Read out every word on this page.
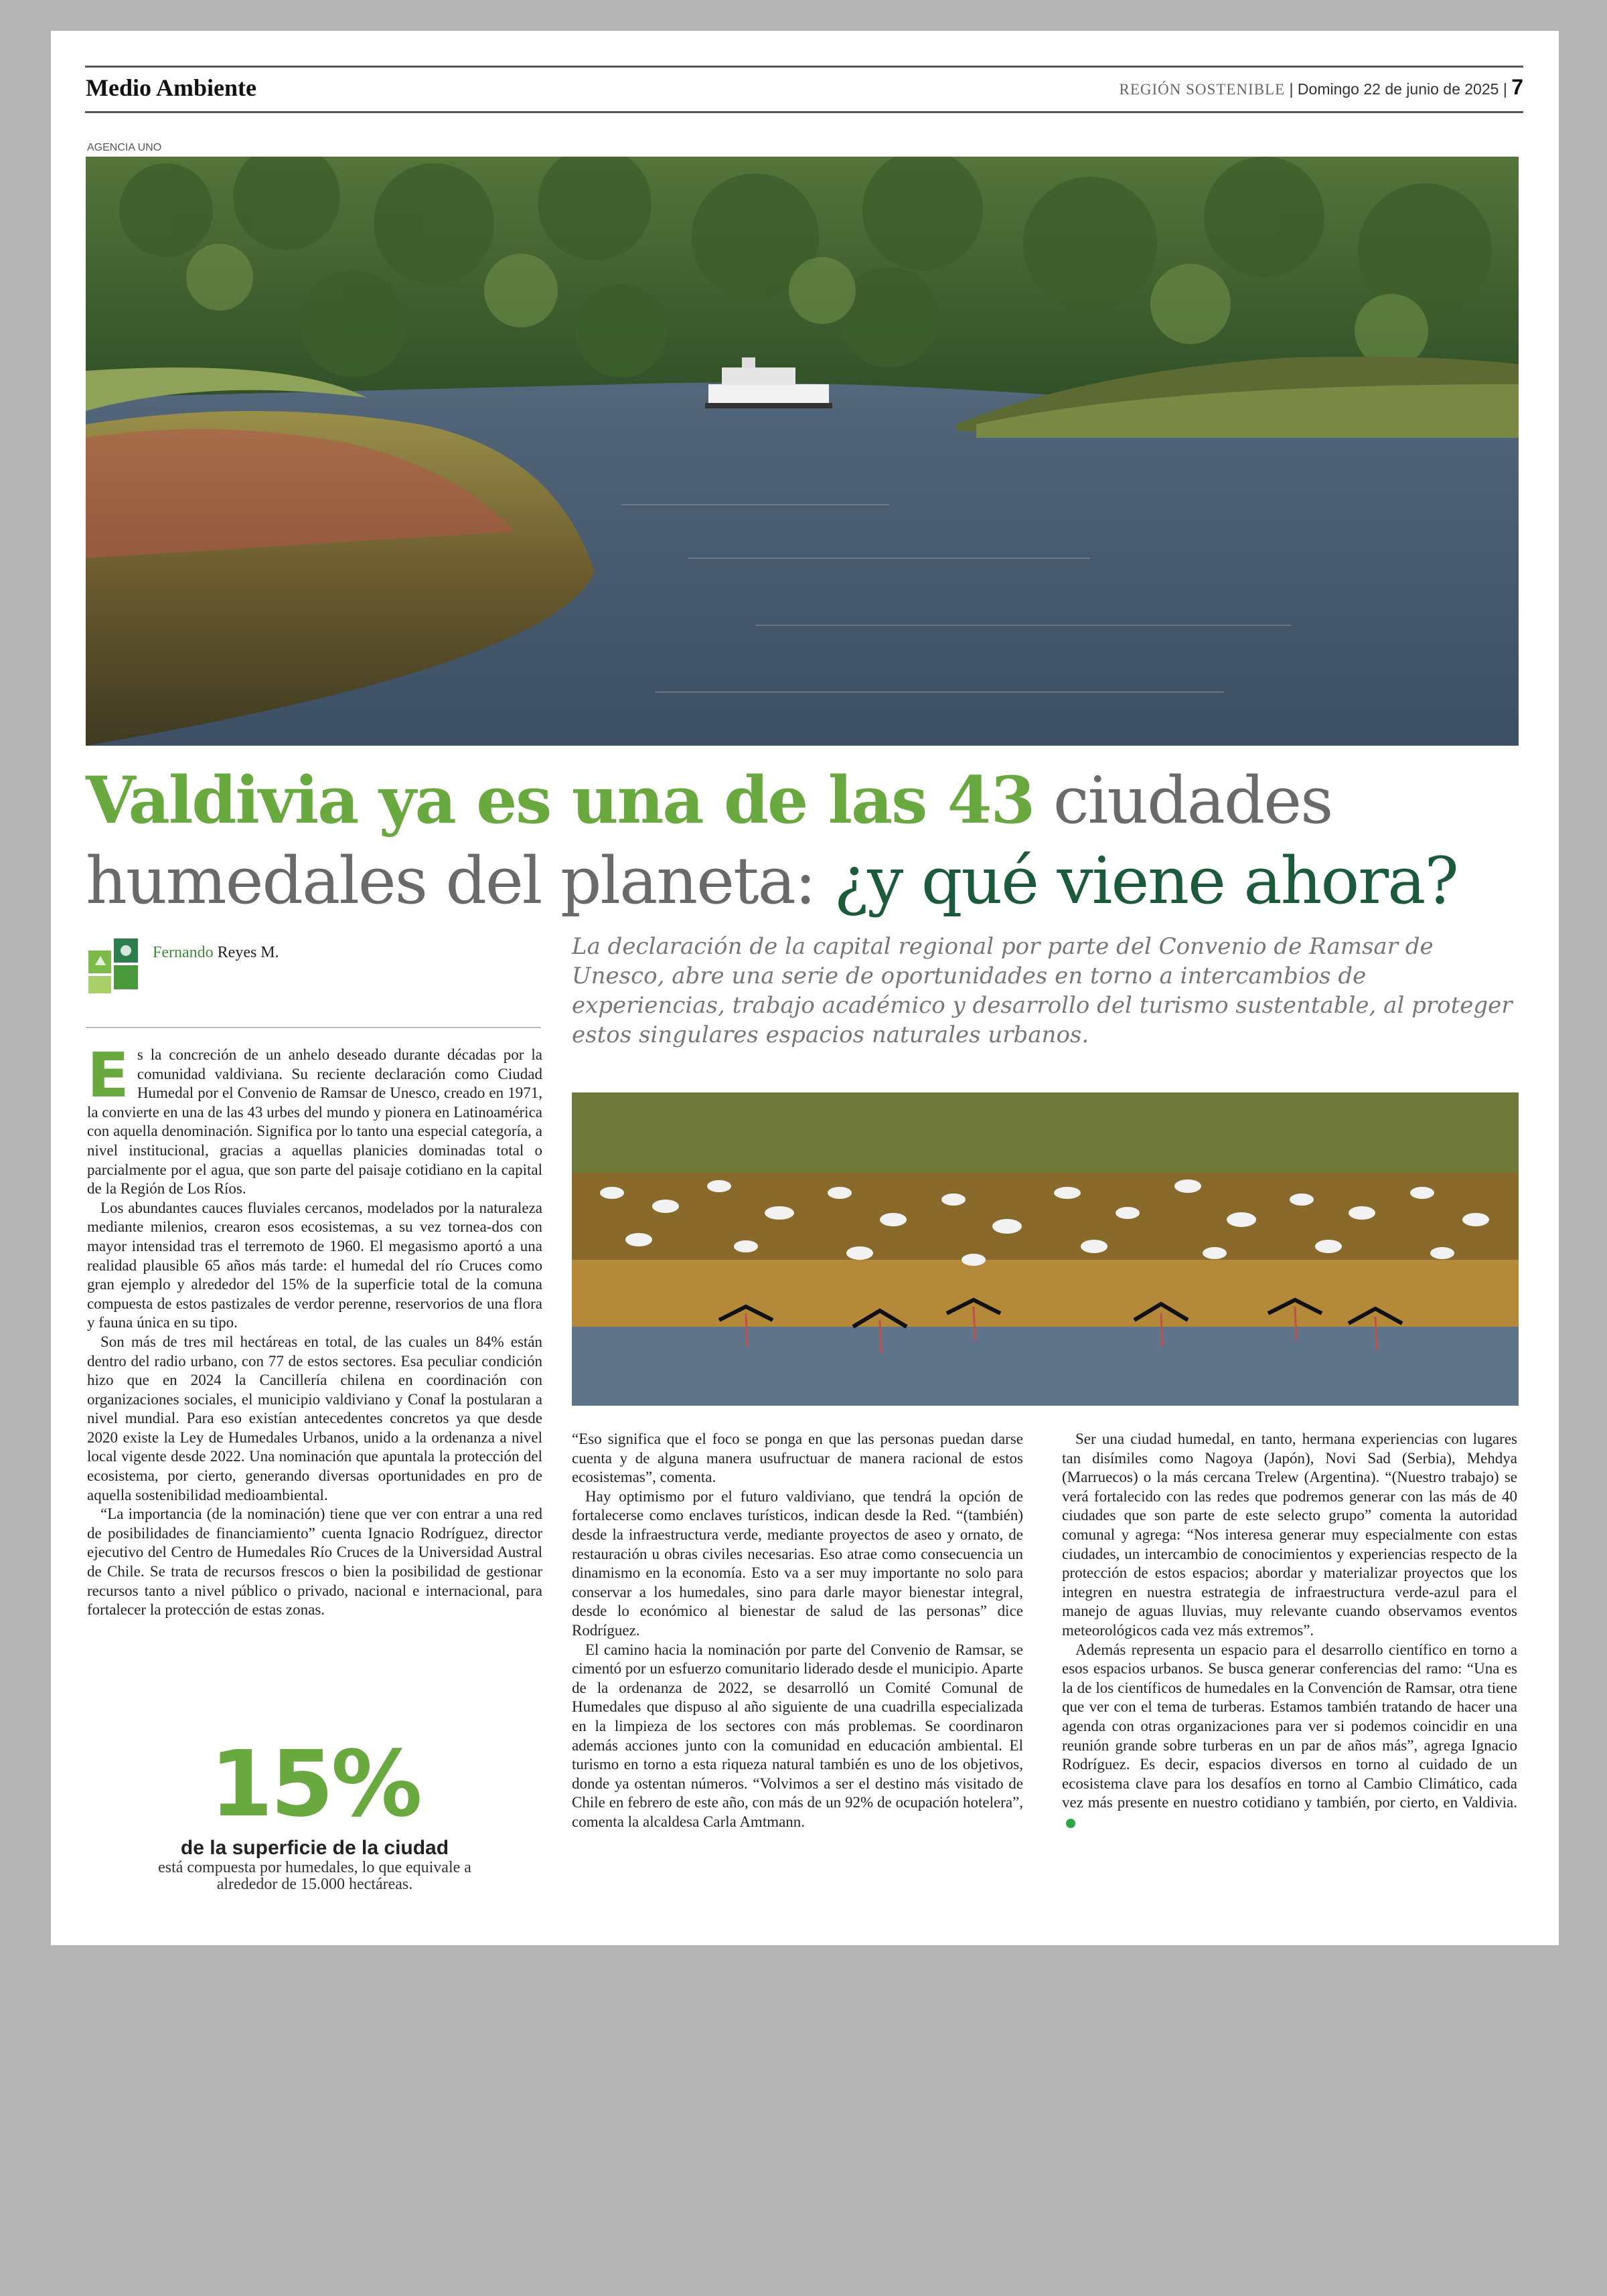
Medio Ambiente	REGIÓN SOSTENIBLE | Domingo 22 de junio de 2025 | 7
AGENCIA UNO
Valdivia ya es una de las 43 ciudades humedales del planeta: ¿y qué viene ahora?
Fernando Reyes M.	La declaración de la capital regional por parte del Convenio de Ramsar de Unesco, abre una serie de oportunidades en torno a intercambios de experiencias, trabajo académico y desarrollo del turismo sustentable, al proteger estos singulares espacios naturales urbanos.

Es la concreción de un anhelo deseado durante décadas por la comunidad valdiviana. Su reciente declaración como Ciudad Humedal por el Convenio de Ramsar de Unesco, creado en 1971, la convierte en una de las 43 urbes del mundo y pionera en Latinoamérica con aquella denominación. Significa por lo tanto una especial categoría, a nivel institucional, gracias a aquellas planicies dominadas total o parcialmente por el agua, que son parte del paisaje cotidiano en la capital de la Región de Los Ríos.

Los abundantes cauces fluviales cercanos, modelados por la naturaleza mediante milenios, crearon esos ecosistemas, a su vez tornea-dos con mayor intensidad tras el terremoto de 1960. El megasismo aportó a una realidad plausible 65 años más tarde: el humedal del río Cruces como gran ejemplo y alrededor del 15% de la superficie total de la comuna compuesta de estos pastizales de verdor perenne, reservorios de una flora y fauna única en su tipo.

Son más de tres mil hectáreas en total, de las cuales un 84% están dentro del radio urbano, con 77 de estos sectores. Esa peculiar condición hizo que en 2024 la Cancillería chilena en coordinación con organizaciones sociales, el municipio valdiviano y Conaf la postularan a nivel mundial. Para eso existían antecedentes concretos ya que desde 2020 existe la Ley de Humedales Urbanos, unido a la ordenanza a nivel local vigente desde 2022. Una nominación que apuntala la protección del ecosistema, por cierto, generando diversas oportunidades en pro de aquella sostenibilidad medioambiental.

“La importancia (de la nominación) tiene que ver con entrar a una red de posibilidades de financiamiento” cuenta Ignacio Rodríguez, director ejecutivo del Centro de Humedales Río Cruces de la Universidad Austral de Chile. Se trata de recursos frescos o bien la posibilidad de gestionar recursos tanto a nivel público o privado, nacional e internacional, para fortalecer la protección de estas zonas.

15%
de la superficie de la ciudad
está compuesta por humedales, lo que equivale a
alrededor de 15.000 hectáreas.

“Eso significa que el foco se ponga en que las personas puedan darse cuenta y de alguna manera usufructuar de manera racional de estos ecosistemas”, comenta.

Hay optimismo por el futuro valdiviano, que tendrá la opción de fortalecerse como enclaves turísticos, indican desde la Red. “(también) desde la infraestructura verde, mediante proyectos de aseo y ornato, de restauración u obras civiles necesarias. Eso atrae como consecuencia un dinamismo en la economía. Esto va a ser muy importante no solo para conservar a los humedales, sino para darle mayor bienestar integral, desde lo económico al bienestar de salud de las personas” dice Rodríguez.

El camino hacia la nominación por parte del Convenio de Ramsar, se cimentó por un esfuerzo comunitario liderado desde el municipio. Aparte de la ordenanza de 2022, se desarrolló un Comité Comunal de Humedales que dispuso al año siguiente de una cuadrilla especializada en la limpieza de los sectores con más problemas. Se coordinaron además acciones junto con la comunidad en educación ambiental. El turismo en torno a esta riqueza natural también es uno de los objetivos, donde ya ostentan números. “Volvimos a ser el destino más visitado de Chile en febrero de este año, con más de un 92% de ocupación hotelera”, comenta la alcaldesa Carla Amtmann.

Ser una ciudad humedal, en tanto, hermana experiencias con lugares tan disímiles como Nagoya (Japón), Novi Sad (Serbia), Mehdya (Marruecos) o la más cercana Trelew (Argentina). “(Nuestro trabajo) se verá fortalecido con las redes que podremos generar con las más de 40 ciudades que son parte de este selecto grupo” comenta la autoridad comunal y agrega: “Nos interesa generar muy especialmente con estas ciudades, un intercambio de conocimientos y experiencias respecto de la protección de estos espacios; abordar y materializar proyectos que los integren en nuestra estrategia de infraestructura verde-azul para el manejo de aguas lluvias, muy relevante cuando observamos eventos meteorológicos cada vez más extremos”.

Además representa un espacio para el desarrollo científico en torno a esos espacios urbanos. Se busca generar conferencias del ramo: “Una es la de los científicos de humedales en la Convención de Ramsar, otra tiene que ver con el tema de turberas. Estamos también tratando de hacer una agenda con otras organizaciones para ver si podemos coincidir en una reunión grande sobre turberas en un par de años más”, agrega Ignacio Rodríguez. Es decir, espacios diversos en torno al cuidado de un ecosistema clave para los desafíos en torno al Cambio Climático, cada vez más presente en nuestro cotidiano y también, por cierto, en Valdivia.
